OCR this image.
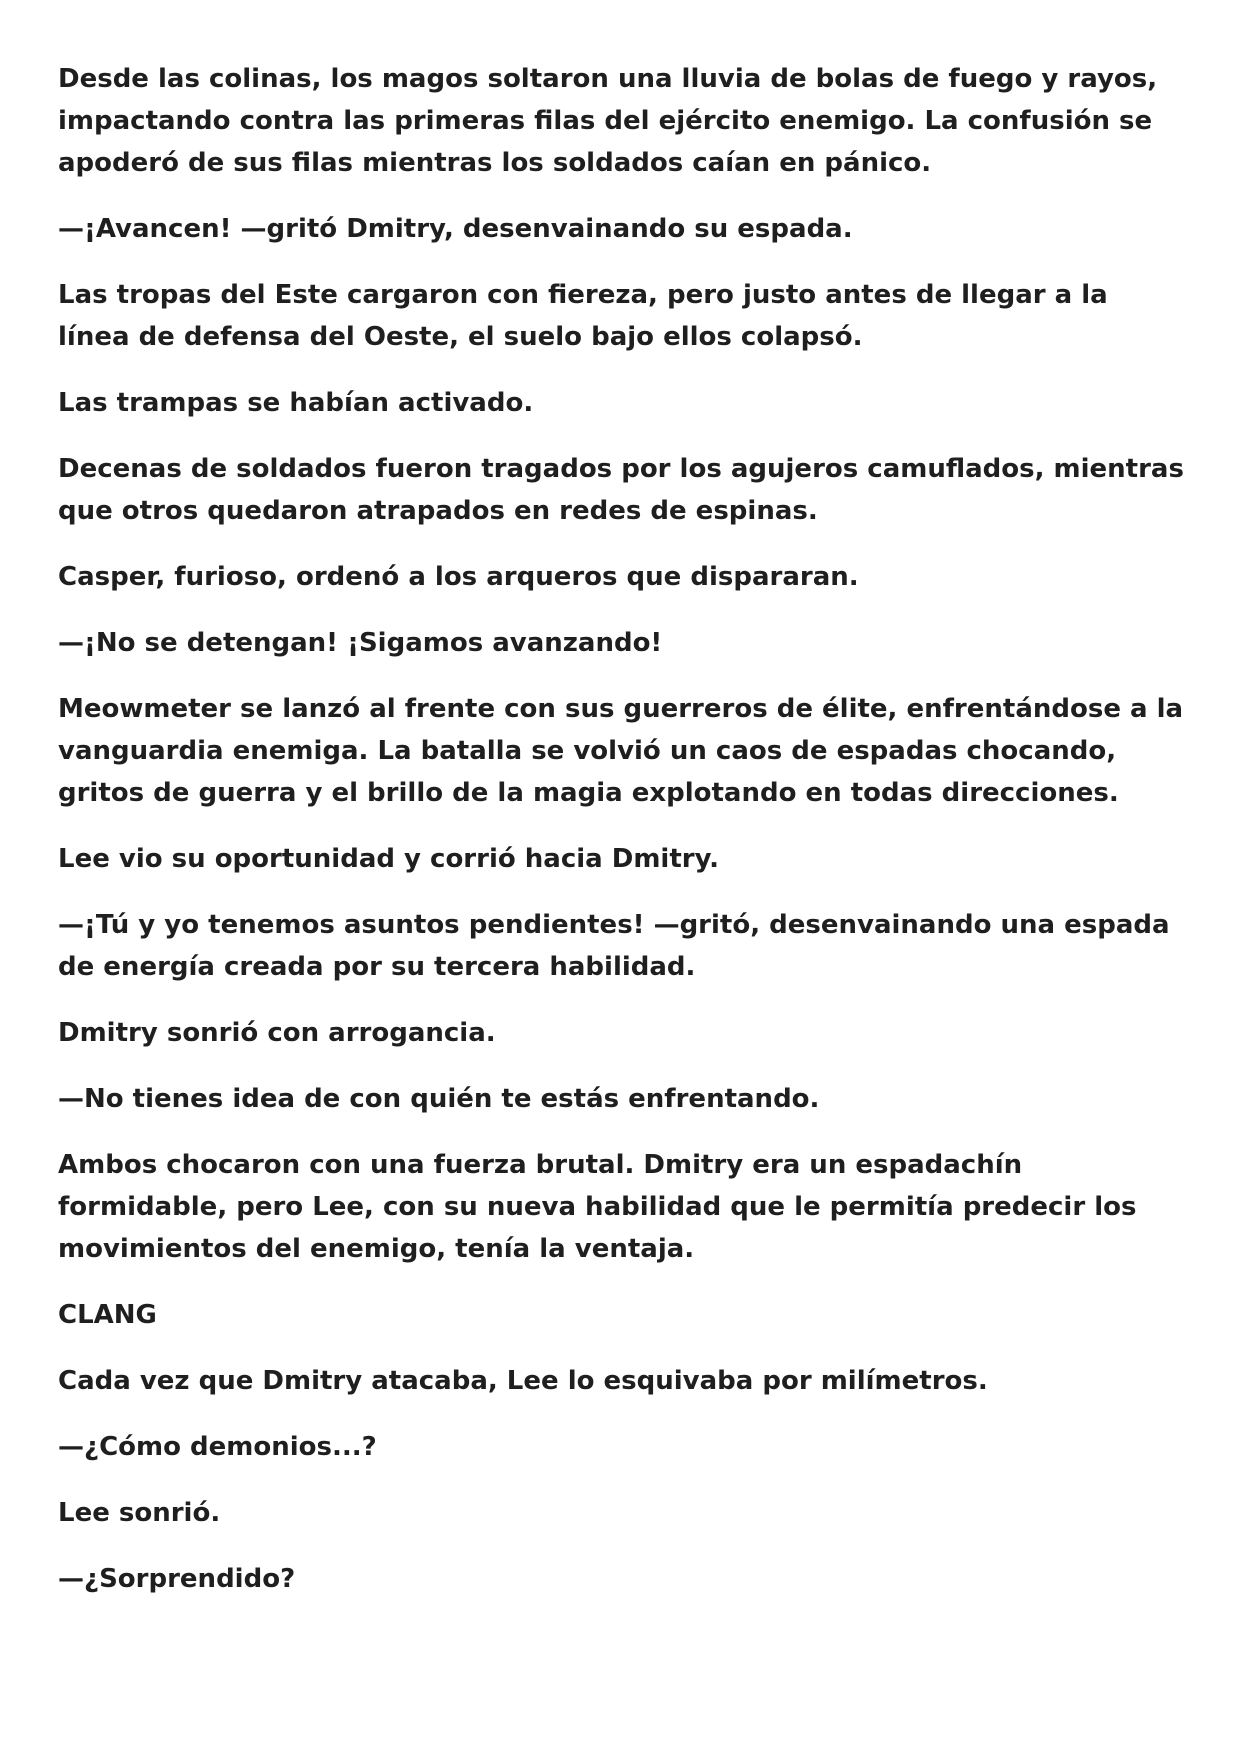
Desde las colinas, los magos soltaron una lluvia de bolas de fuego y rayos, impactando contra las primeras filas del ejército enemigo. La confusión se apoderó de sus filas mientras los soldados caían en pánico.

—¡Avancen! —gritó Dmitry, desenvainando su espada.

Las tropas del Este cargaron con fiereza, pero justo antes de llegar a la línea de defensa del Oeste, el suelo bajo ellos colapsó.

Las trampas se habían activado.

Decenas de soldados fueron tragados por los agujeros camuflados, mientras que otros quedaron atrapados en redes de espinas.

Casper, furioso, ordenó a los arqueros que dispararan.

—¡No se detengan! ¡Sigamos avanzando!

Meowmeter se lanzó al frente con sus guerreros de élite, enfrentándose a la vanguardia enemiga. La batalla se volvió un caos de espadas chocando, gritos de guerra y el brillo de la magia explotando en todas direcciones.

Lee vio su oportunidad y corrió hacia Dmitry.

—¡Tú y yo tenemos asuntos pendientes! —gritó, desenvainando una espada de energía creada por su tercera habilidad.

Dmitry sonrió con arrogancia.

—No tienes idea de con quién te estás enfrentando.

Ambos chocaron con una fuerza brutal. Dmitry era un espadachín formidable, pero Lee, con su nueva habilidad que le permitía predecir los movimientos del enemigo, tenía la ventaja.

CLANG

Cada vez que Dmitry atacaba, Lee lo esquivaba por milímetros.

—¿Cómo demonios...?

Lee sonrió.

—¿Sorprendido?
